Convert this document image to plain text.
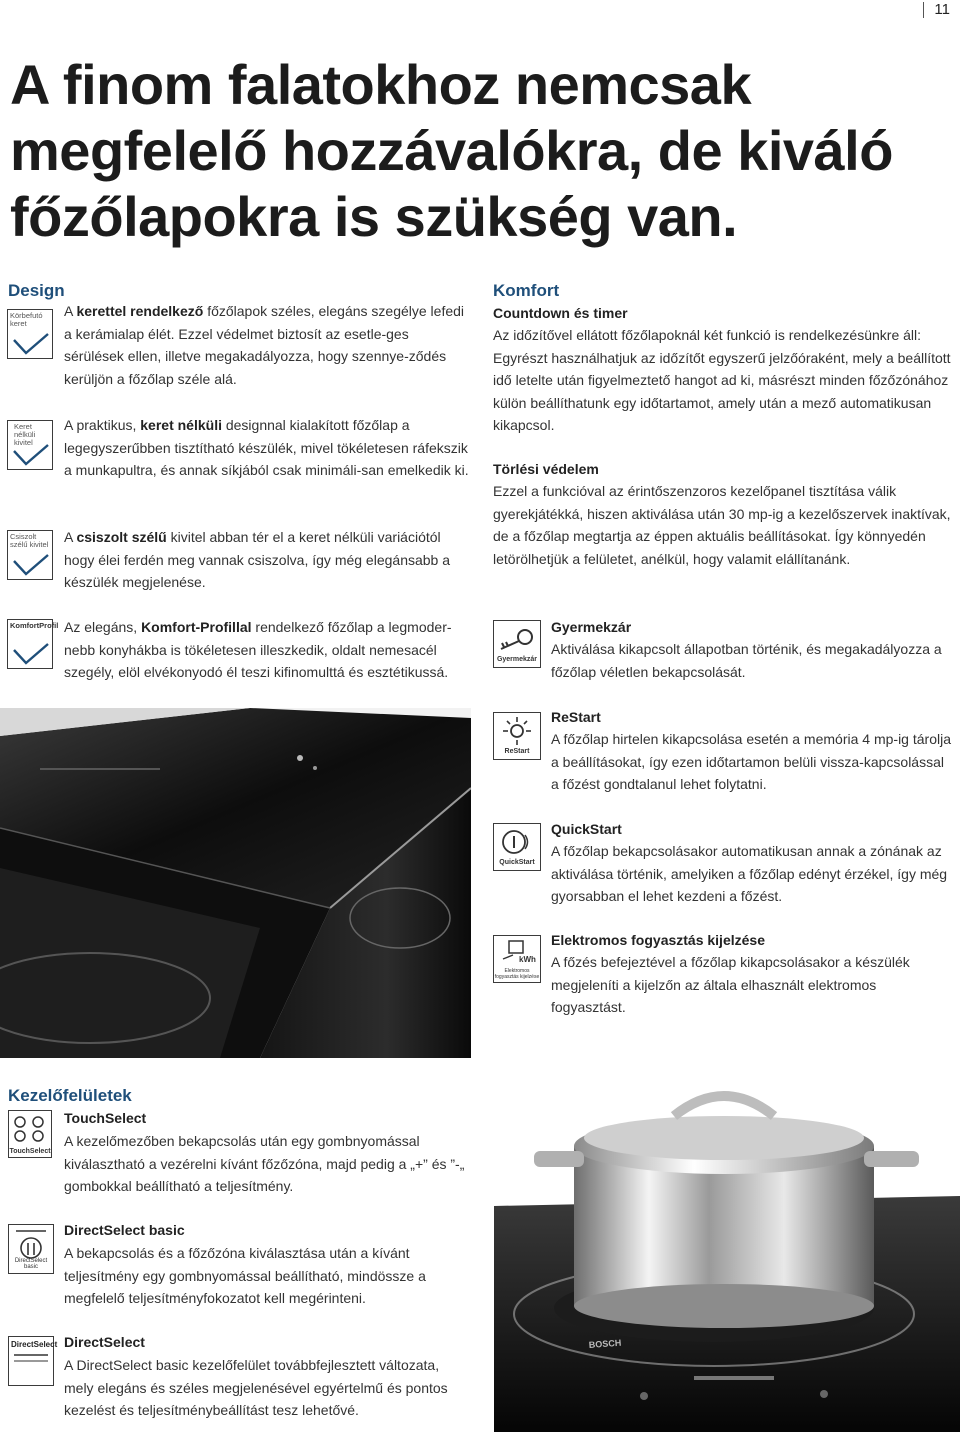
11
A finom falatokhoz nemcsak
megfelelő hozzávalókra, de kiváló
főzőlapokra is szükség van.
Design
Körbefutó keret

A kerettel rendelkező főzőlapok széles, elegáns szegélye lefedi a kerámialap élét. Ezzel védelmet biztosít az esetle-ges sérülések ellen, illetve megakadályozza, hogy szennye-ződés kerüljön a főzőlap széle alá.

Keret nélküli kivitel

A praktikus, keret nélküli designnal kialakított főzőlap a legegyszerűbben tisztítható készülék, mivel tökéletesen ráfekszik a munkapultra, és annak síkjából csak minimáli-san emelkedik ki.

Csiszolt szélű kivitel A csiszolt szélű kivitel abban tér el a keret nélküli variációtól hogy élei ferdén meg vannak csiszolva, így még elegánsabb a készülék megjelenése.

KomfortProfil Az elegáns, Komfort-Profillal rendelkező főzőlap a legmoder-nebb konyhákba is tökéletesen illeszkedik, oldalt nemesacél szegély, elöl elvékonyodó él teszi kifinomulttá és esztétikussá.

Komfort
Countdown és timer

Az időzítővel ellátott főzőlapoknál két funkció is rendelkezésünkre áll: Egyrészt használhatjuk az időzítőt egyszerű jelzőóraként, mely a beállított idő letelte után figyelmeztető hangot ad ki, másrészt minden főzőzónához külön beállíthatunk egy időtartamot, amely után a mező automatikusan kikapcsol.

Törlési védelem

Ezzel a funkcióval az érintőszenzoros kezelőpanel tisztítása válik gyerekjátékká, hiszen aktiválása után 30 mp-ig a kezelőszervek inaktívak, de a főzőlap megtartja az éppen aktuális beállításokat. Így könnyedén letörölhetjük a felületet, anélkül, hogy valamit elállítanánk.

Gyermekzár
Gyermekzár

Aktiválása kikapcsolt állapotban történik, és megakadályozza a főzőlap véletlen bekapcsolását.

ReStart
ReStart

A főzőlap hirtelen kikapcsolása esetén a memória 4 mp-ig tárolja a beállításokat, így ezen időtartamon belüli vissza-kapcsolással a főzést gondtalanul lehet folytatni.

QuickStart
QuickStart

A főzőlap bekapcsolásakor automatikusan annak a zónának az aktiválása történik, amelyiken a főzőlap edényt érzékel, így még gyorsabban el lehet kezdeni a főzést.

kWh
Elektromos fogyasztás kijelzése
Elektromos fogyasztás kijelzése

A főzés befejeztével a főzőlap kikapcsolásakor a készülék megjeleníti a kijelzőn az általa elhasznált elektromos fogyasztást.

Kezelőfelületek
TouchSelect
TouchSelect

A kezelőmezőben bekapcsolás után egy gombnyomással kiválasztható a vezérelni kívánt főzőzóna, majd pedig a „+” és ”-„ gombokkal beállítható a teljesítmény.

DirectSelect basic
DirectSelect basic

A bekapcsolás és a főzőzóna kiválasztása után a kívánt teljesítmény egy gombnyomással beállítható, mindössze a megfelelő teljesítményfokozatot kell megérinteni.

DirectSelect DirectSelect

A DirectSelect basic kezelőfelület továbbfejlesztett változata, mely elegáns és széles megjelenésével egyértelmű és pontos kezelést és teljesítménybeállítást tesz lehetővé.

BOSCH
